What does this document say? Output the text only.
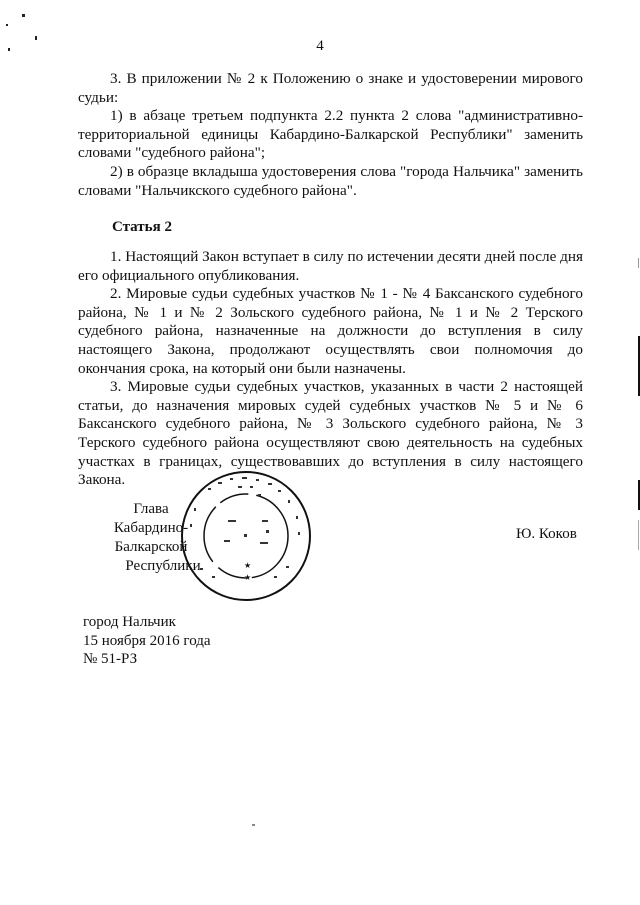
4

3. В приложении № 2 к Положению о знаке и удостоверении мирового судьи:

1) в абзаце третьем подпункта 2.2 пункта 2 слова "административно-территориальной единицы Кабардино-Балкарской Республики" заменить словами "судебного района";

2) в образце вкладыша удостоверения слова "города Нальчика" заменить словами "Нальчикского судебного района".

Статья 2

1. Настоящий Закон вступает в силу по истечении десяти дней после дня его официального опубликования.

2. Мировые судьи судебных участков № 1 - № 4 Баксанского судебного района, № 1 и № 2 Зольского судебного района, № 1 и № 2 Терского судебного района, назначенные на должности до вступления в силу настоящего Закона, продолжают осуществлять свои полномочия до окончания срока, на который они были назначены.

3. Мировые судьи судебных участков, указанных в части 2 настоящей статьи, до назначения мировых судей судебных участков № 5 и № 6 Баксанского судебного района, № 3 Зольского судебного района, № 3 Терского судебного района осуществляют свою деятельность на судебных участках в границах, существовавших до вступления в силу настоящего Закона.

★
★
Глава
Кабардино-Балкарской
Республики
Ю. Коков
город Нальчик
15 ноября 2016 года
№ 51-РЗ
